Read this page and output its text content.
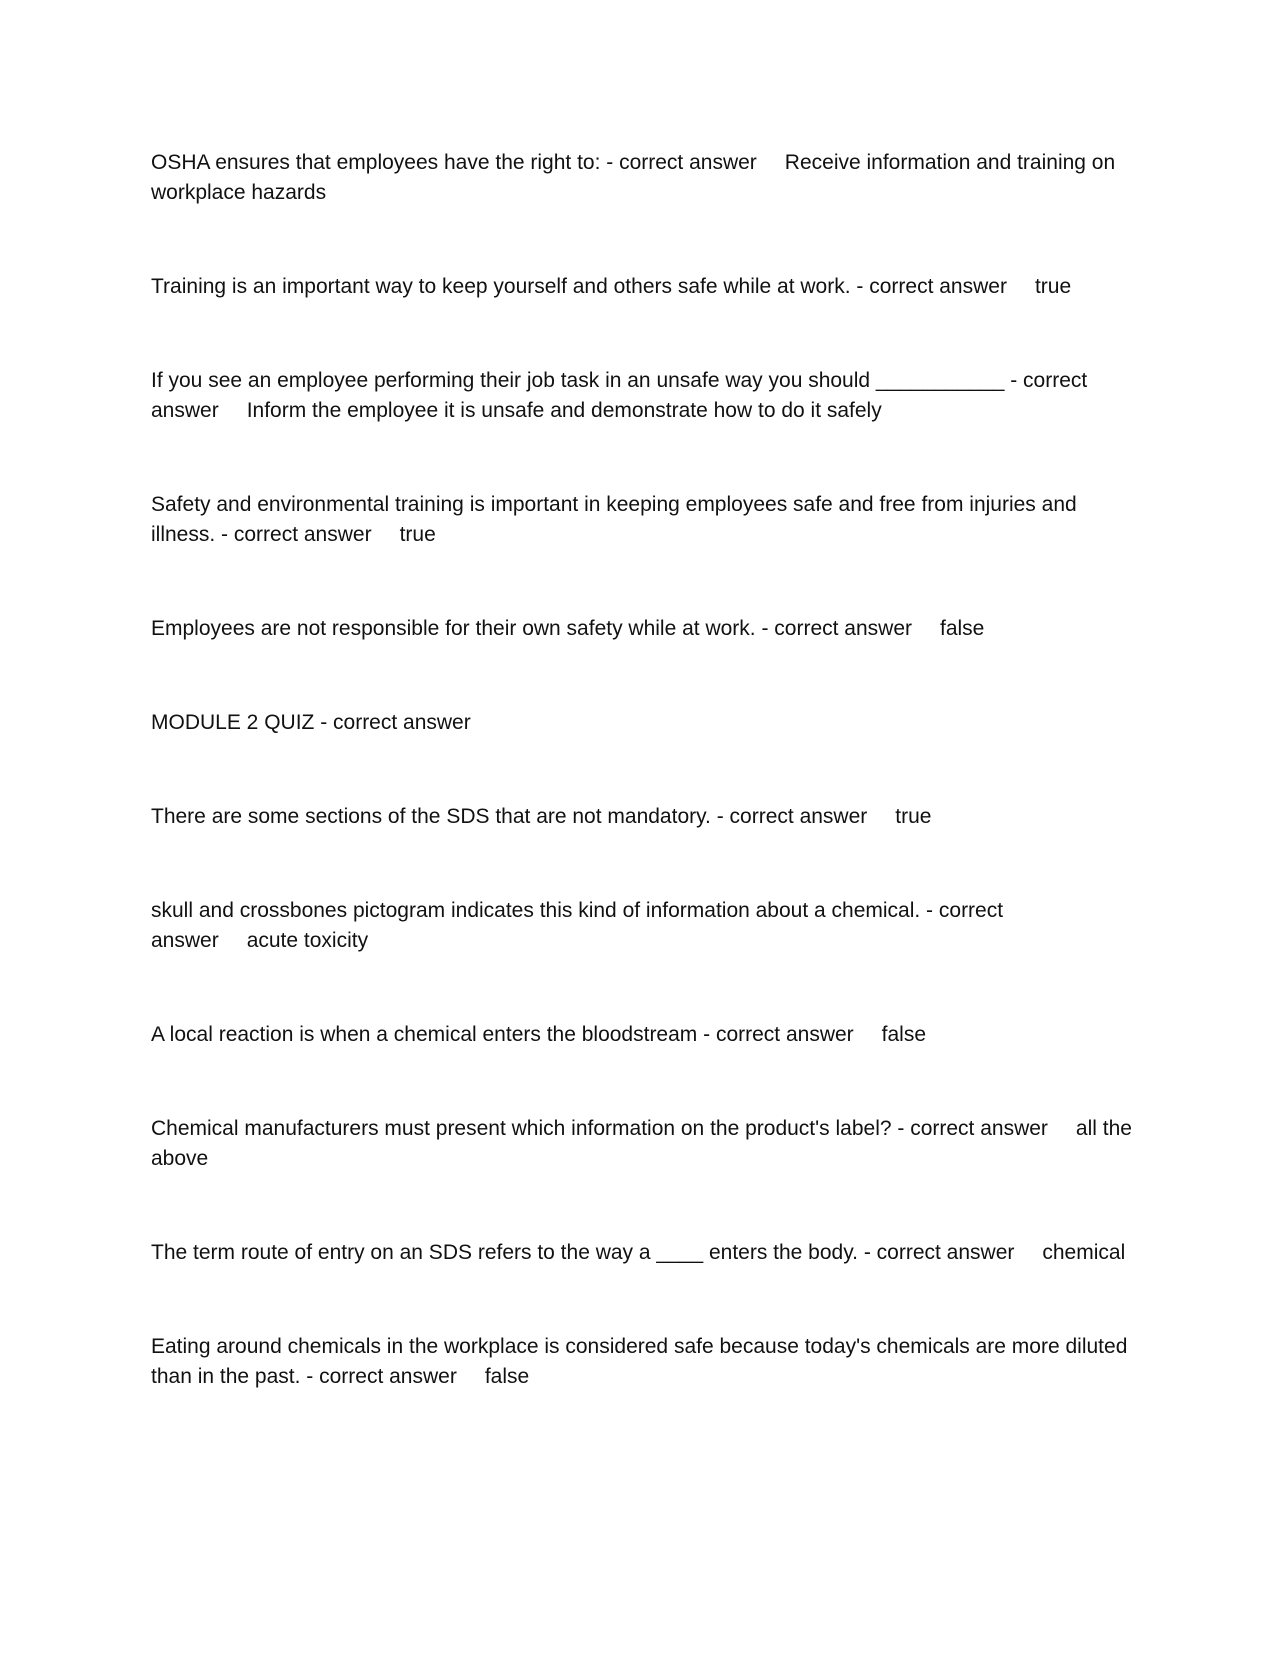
OSHA ensures that employees have the right to: - correct answer Receive information and training on workplace hazards

Training is an important way to keep yourself and others safe while at work. - correct answer true

If you see an employee performing their job task in an unsafe way you should ___________ - correct answer Inform the employee it is unsafe and demonstrate how to do it safely

Safety and environmental training is important in keeping employees safe and free from injuries and illness. - correct answer true

Employees are not responsible for their own safety while at work. - correct answer false

MODULE 2 QUIZ - correct answer

There are some sections of the SDS that are not mandatory. - correct answer true

skull and crossbones pictogram indicates this kind of information about a chemical. - correct answer acute toxicity

A local reaction is when a chemical enters the bloodstream - correct answer false

Chemical manufacturers must present which information on the product's label? - correct answer all the above

The term route of entry on an SDS refers to the way a ____ enters the body. - correct answer chemical

Eating around chemicals in the workplace is considered safe because today's chemicals are more diluted than in the past. - correct answer false
